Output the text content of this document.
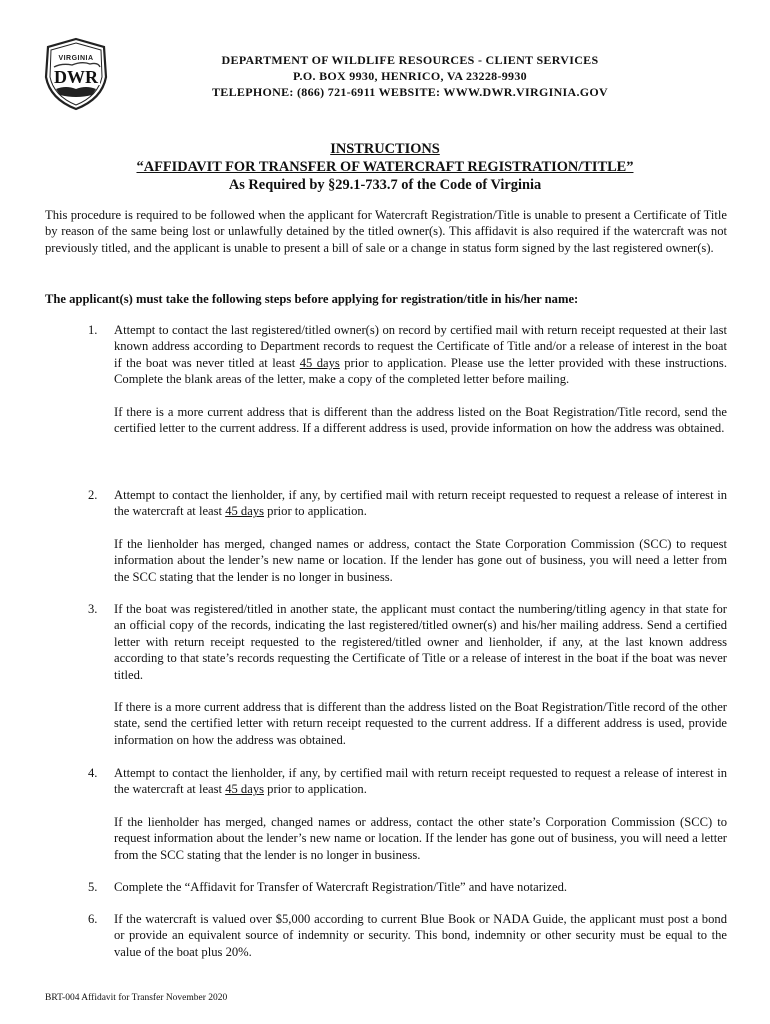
VIRGINIA
DWR
DEPARTMENT OF WILDLIFE RESOURCES - CLIENT SERVICES
P.O. BOX 9930, HENRICO, VA 23228-9930
TELEPHONE: (866) 721-6911 WEBSITE: WWW.DWR.VIRGINIA.GOV
INSTRUCTIONS
“AFFIDAVIT FOR TRANSFER OF WATERCRAFT REGISTRATION/TITLE”
As Required by §29.1-733.7 of the Code of Virginia
This procedure is required to be followed when the applicant for Watercraft Registration/Title is unable to present a Certificate of Title by reason of the same being lost or unlawfully detained by the titled owner(s). This affidavit is also required if the watercraft was not previously titled, and the applicant is unable to present a bill of sale or a change in status form signed by the last registered owner(s).
The applicant(s) must take the following steps before applying for registration/title in his/her name:
1. Attempt to contact the last registered/titled owner(s) on record by certified mail with return receipt requested at their last known address according to Department records to request the Certificate of Title and/or a release of interest in the boat if the boat was never titled at least 45 days prior to application. Please use the letter provided with these instructions. Complete the blank areas of the letter, make a copy of the completed letter before mailing.
If there is a more current address that is different than the address listed on the Boat Registration/Title record, send the certified letter to the current address. If a different address is used, provide information on how the address was obtained.
2. Attempt to contact the lienholder, if any, by certified mail with return receipt requested to request a release of interest in the watercraft at least 45 days prior to application.
If the lienholder has merged, changed names or address, contact the State Corporation Commission (SCC) to request information about the lender’s new name or location. If the lender has gone out of business, you will need a letter from the SCC stating that the lender is no longer in business.
3. If the boat was registered/titled in another state, the applicant must contact the numbering/titling agency in that state for an official copy of the records, indicating the last registered/titled owner(s) and his/her mailing address. Send a certified letter with return receipt requested to the registered/titled owner and lienholder, if any, at the last known address according to that state’s records requesting the Certificate of Title or a release of interest in the boat if the boat was never titled.
If there is a more current address that is different than the address listed on the Boat Registration/Title record of the other state, send the certified letter with return receipt requested to the current address. If a different address is used, provide information on how the address was obtained.
4. Attempt to contact the lienholder, if any, by certified mail with return receipt requested to request a release of interest in the watercraft at least 45 days prior to application.
If the lienholder has merged, changed names or address, contact the other state’s Corporation Commission (SCC) to request information about the lender’s new name or location. If the lender has gone out of business, you will need a letter from the SCC stating that the lender is no longer in business.
5. Complete the “Affidavit for Transfer of Watercraft Registration/Title” and have notarized.
6. If the watercraft is valued over $5,000 according to current Blue Book or NADA Guide, the applicant must post a bond or provide an equivalent source of indemnity or security. This bond, indemnity or other security must be equal to the value of the boat plus 20%.
BRT-004 Affidavit for Transfer November 2020
